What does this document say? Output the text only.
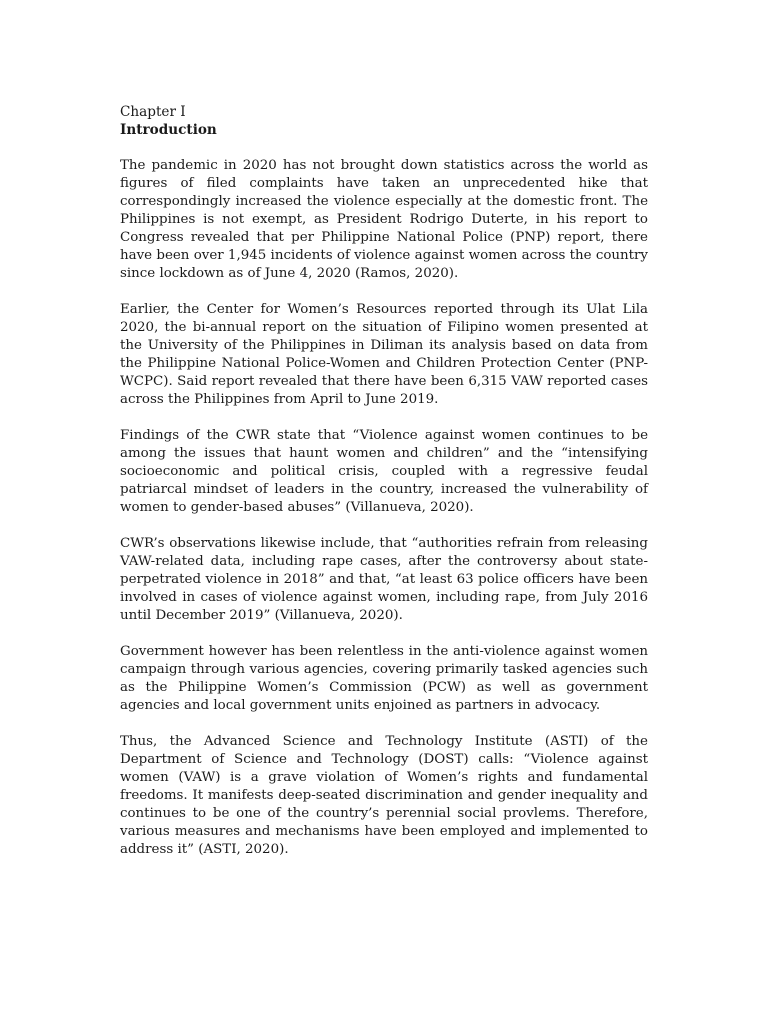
Chapter I

Introduction

The pandemic in 2020 has not brought down statistics across the world as figures of filed complaints have taken an unprecedented hike that correspondingly increased the violence especially at the domestic front. The Philippines is not exempt, as President Rodrigo Duterte, in his report to Congress revealed that per Philippine National Police (PNP) report, there have been over 1,945 incidents of violence against women across the country since lockdown as of June 4, 2020 (Ramos, 2020).

Earlier, the Center for Women’s Resources reported through its Ulat Lila 2020, the bi-annual report on the situation of Filipino women presented at the University of the Philippines in Diliman its analysis based on data from the Philippine National Police-Women and Children Protection Center (PNP-WCPC). Said report revealed that there have been 6,315 VAW reported cases across the Philippines from April to June 2019.

Findings of the CWR state that “Violence against women continues to be among the issues that haunt women and children” and the “intensifying socioeconomic and political crisis, coupled with a regressive feudal patriarcal mindset of leaders in the country, increased the vulnerability of women to gender-based abuses” (Villanueva, 2020).

CWR’s observations likewise include, that “authorities refrain from releasing VAW-related data, including rape cases, after the controversy about state-perpetrated violence in 2018” and that, “at least 63 police officers have been involved in cases of violence against women, including rape, from July 2016 until December 2019” (Villanueva, 2020).

Government however has been relentless in the anti-violence against women campaign through various agencies, covering primarily tasked agencies such as the Philippine Women’s Commission (PCW) as well as government agencies and local government units enjoined as partners in advocacy.

Thus, the Advanced Science and Technology Institute (ASTI) of the Department of Science and Technology (DOST) calls: “Violence against women (VAW) is a grave violation of Women’s rights and fundamental freedoms. It manifests deep-seated discrimination and gender inequality and continues to be one of the country’s perennial social provlems. Therefore, various measures and mechanisms have been employed and implemented to address it” (ASTI, 2020).
